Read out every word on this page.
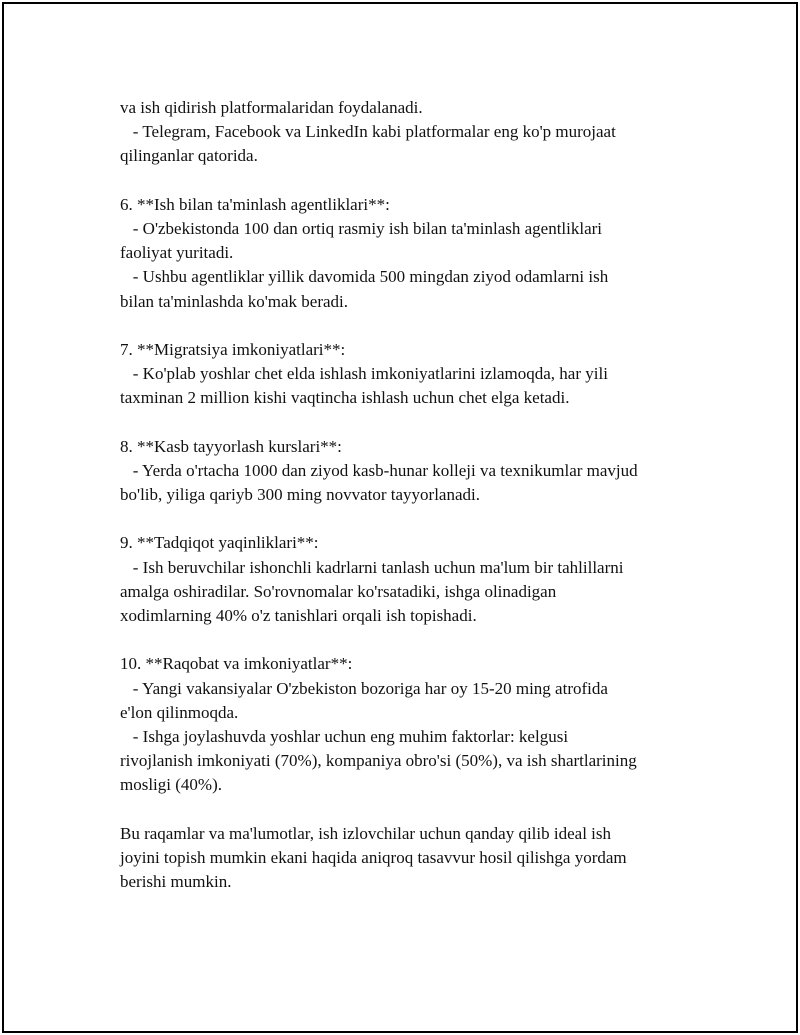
va ish qidirish platformalaridan foydalanadi.
- Telegram, Facebook va LinkedIn kabi platformalar eng ko'p murojaat
qilinganlar qatorida.
6. **Ish bilan ta'minlash agentliklari**:
- O'zbekistonda 100 dan ortiq rasmiy ish bilan ta'minlash agentliklari
faoliyat yuritadi.
- Ushbu agentliklar yillik davomida 500 mingdan ziyod odamlarni ish
bilan ta'minlashda ko'mak beradi.
7. **Migratsiya imkoniyatlari**:
- Ko'plab yoshlar chet elda ishlash imkoniyatlarini izlamoqda, har yili
taxminan 2 million kishi vaqtincha ishlash uchun chet elga ketadi.
8. **Kasb tayyorlash kurslari**:
- Yerda o'rtacha 1000 dan ziyod kasb-hunar kolleji va texnikumlar mavjud
bo'lib, yiliga qariyb 300 ming novvator tayyorlanadi.
9. **Tadqiqot yaqinliklari**:
- Ish beruvchilar ishonchli kadrlarni tanlash uchun ma'lum bir tahlillarni
amalga oshiradilar. So'rovnomalar ko'rsatadiki, ishga olinadigan
xodimlarning 40% o'z tanishlari orqali ish topishadi.
10. **Raqobat va imkoniyatlar**:
- Yangi vakansiyalar O'zbekiston bozoriga har oy 15-20 ming atrofida
e'lon qilinmoqda.
- Ishga joylashuvda yoshlar uchun eng muhim faktorlar: kelgusi
rivojlanish imkoniyati (70%), kompaniya obro'si (50%), va ish shartlarining
mosligi (40%).
Bu raqamlar va ma'lumotlar, ish izlovchilar uchun qanday qilib ideal ish
joyini topish mumkin ekani haqida aniqroq tasavvur hosil qilishga yordam
berishi mumkin.
